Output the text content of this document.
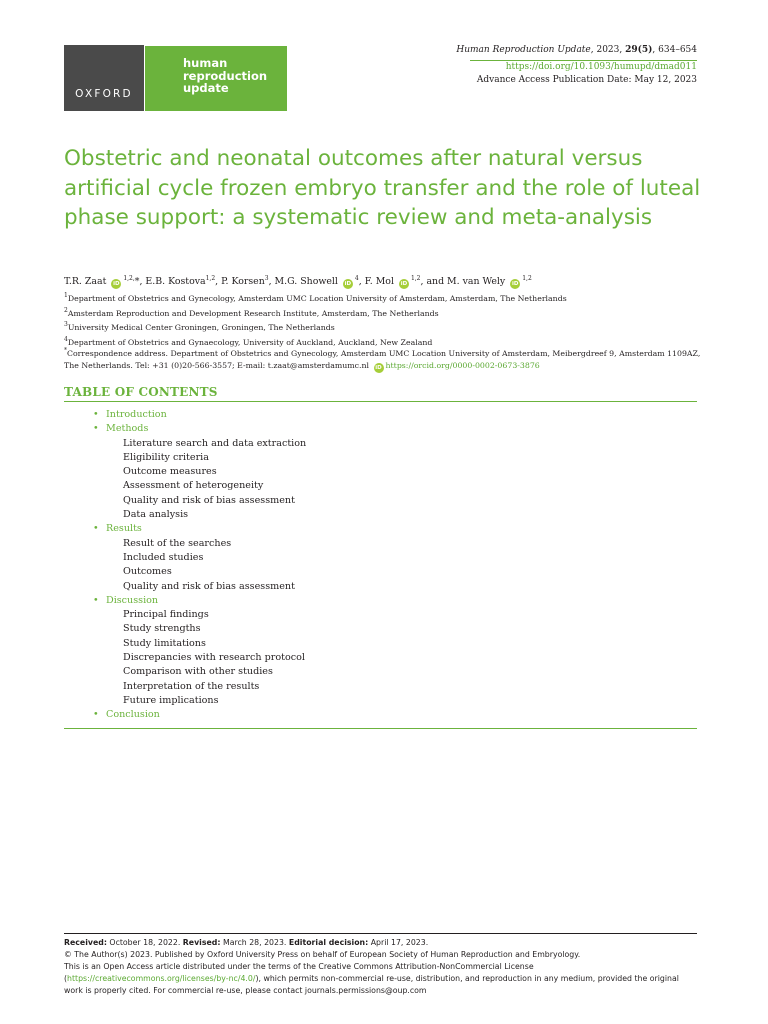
OXFORD
human
reproduction
update
Human Reproduction Update, 2023, 29(5), 634–654
https://doi.org/10.1093/humupd/dmad011
Advance Access Publication Date: May 12, 2023
Obstetric and neonatal outcomes after natural versus artificial cycle frozen embryo transfer and the role of luteal phase support: a systematic review and meta-analysis
T.R. Zaat $iD^{1,2,}*$, E.B. Kostova$^{1,2}$, P. Korsen$^3$, M.G. Showell $iD^4$, F. Mol iD$^{1,2}$, and M. van Wely iD$^{1,2}$
$^1$Department of Obstetrics and Gynecology, Amsterdam UMC Location University of Amsterdam, Amsterdam, The Netherlands
$^2$Amsterdam Reproduction and Development Research Institute, Amsterdam, The Netherlands
$^3$University Medical Center Groningen, Groningen, The Netherlands
$^4$Department of Obstetrics and Gynaecology, University of Auckland, Auckland, New Zealand
*Correspondence address. Department of Obstetrics and Gynecology, Amsterdam UMC Location University of Amsterdam, Meibergdreef 9, Amsterdam 1109AZ, The Netherlands. Tel: +31 (0)20-566-3557; E-mail: t.zaat@amsterdamumc.nl iD https://orcid.org/0000-0002-0673-3876
TABLE OF CONTENTS
• Introduction
• Methods
Literature search and data extraction
Eligibility criteria
Outcome measures
Assessment of heterogeneity
Quality and risk of bias assessment
Data analysis
• Results
Result of the searches
Included studies
Outcomes
Quality and risk of bias assessment
• Discussion
Principal findings
Study strengths
Study limitations
Discrepancies with research protocol
Comparison with other studies
Interpretation of the results
Future implications
• Conclusion
Received: October 18, 2022. Revised: March 28, 2023. Editorial decision: April 17, 2023.
© The Author(s) 2023. Published by Oxford University Press on behalf of European Society of Human Reproduction and Embryology.
This is an Open Access article distributed under the terms of the Creative Commons Attribution-NonCommercial License (https://creativecommons.org/licenses/by-nc/4.0/), which permits non-commercial re-use, distribution, and reproduction in any medium, provided the original work is properly cited. For commercial re-use, please contact journals.permissions@oup.com
